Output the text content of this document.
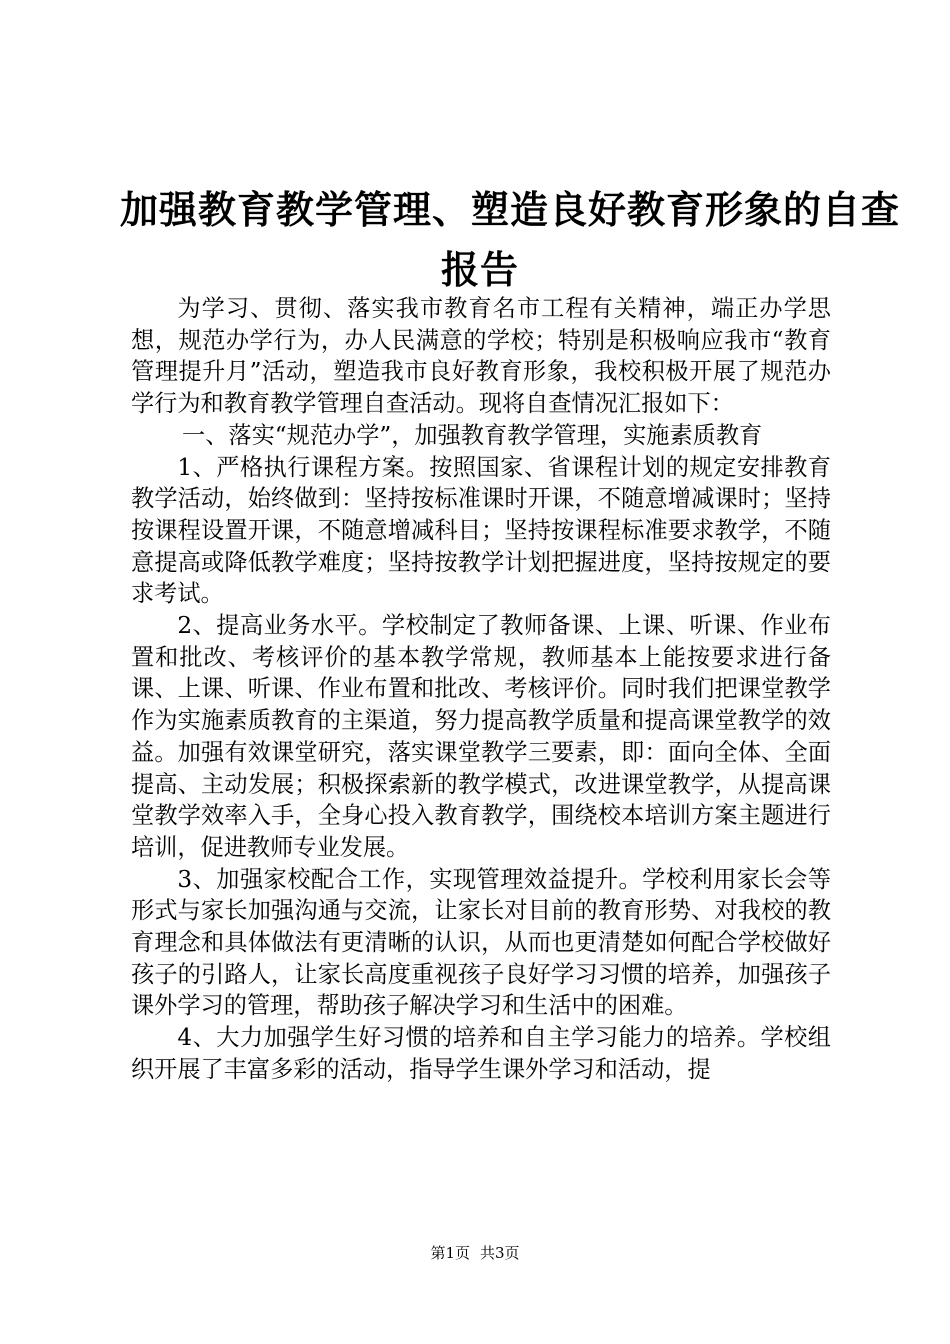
加强教育教学管理、塑造良好教育形象的自查
报告

为学习、贯彻、落实我市教育名市工程有关精神，端正办学思想，规范办学行为，办人民满意的学校；特别是积极响应我市“教育管理提升月”活动，塑造我市良好教育形象，我校积极开展了规范办学行为和教育教学管理自查活动。现将自查情况汇报如下：

一、落实“规范办学”，加强教育教学管理，实施素质教育

1、严格执行课程方案。按照国家、省课程计划的规定安排教育教学活动，始终做到：坚持按标准课时开课，不随意增减课时；坚持按课程设置开课，不随意增减科目；坚持按课程标准要求教学，不随意提高或降低教学难度；坚持按教学计划把握进度，坚持按规定的要求考试。

2、提高业务水平。学校制定了教师备课、上课、听课、作业布置和批改、考核评价的基本教学常规，教师基本上能按要求进行备课、上课、听课、作业布置和批改、考核评价。同时我们把课堂教学作为实施素质教育的主渠道，努力提高教学质量和提高课堂教学的效益。加强有效课堂研究，落实课堂教学三要素，即：面向全体、全面提高、主动发展；积极探索新的教学模式，改进课堂教学，从提高课堂教学效率入手，全身心投入教育教学，围绕校本培训方案主题进行培训，促进教师专业发展。

3、加强家校配合工作，实现管理效益提升。学校利用家长会等形式与家长加强沟通与交流，让家长对目前的教育形势、对我校的教育理念和具体做法有更清晰的认识，从而也更清楚如何配合学校做好孩子的引路人，让家长高度重视孩子良好学习习惯的培养，加强孩子课外学习的管理，帮助孩子解决学习和生活中的困难。

4、大力加强学生好习惯的培养和自主学习能力的培养。学校组织开展了丰富多彩的活动，指导学生课外学习和活动，提

第1页 共3页
